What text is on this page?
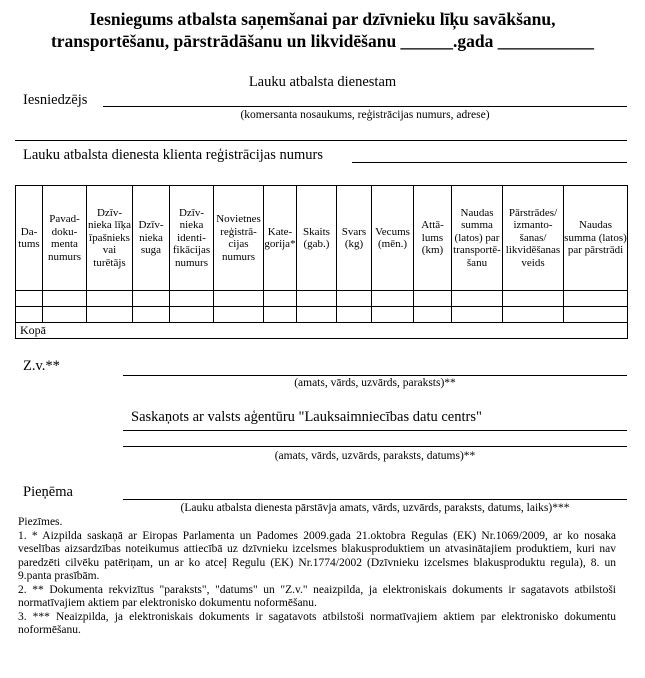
Iesniegums atbalsta saņemšanai par dzīvnieku līķu savākšanu,
transportēšanu, pārstrādāšanu un likvidēšanu ______.gada ___________
Lauku atbalsta dienestam
Iesniedzējs
(komersanta nosaukums, reģistrācijas numurs, adrese)
Lauku atbalsta dienesta klienta reģistrācijas numurs
Datums	Pavaddokumenta numurs	Dzīvnieka līķa īpašnieks vai turētājs	Dzīvnieka suga	Dzīvnieka identifikācijas numurs	Novietnes reģistrācijas numurs	Kategorija*	Skaits (gab.)	Svars (kg)	Vecums (mēn.)	Attālums (km)	Naudas summa (latos) par transportēšanu	Pārstrādes/ izmantošanas/ likvidēšanas veids	Naudas summa (latos) par pārstrādi

Kopā													
Z.v.**
(amats, vārds, uzvārds, paraksts)**
Saskaņots ar valsts aģentūru "Lauksaimniecības datu centrs"
(amats, vārds, uzvārds, paraksts, datums)**
Pieņēma
(Lauku atbalsta dienesta pārstāvja amats, vārds, uzvārds, paraksts, datums, laiks)***

Piezīmes.

1. * Aizpilda saskaņā ar Eiropas Parlamenta un Padomes 2009.gada 21.oktobra Regulas (EK) Nr.1069/2009, ar ko nosaka veselības aizsardzības noteikumus attiecībā uz dzīvnieku izcelsmes blakusproduktiem un atvasinātajiem produktiem, kuri nav paredzēti cilvēku patēriņam, un ar ko atceļ Regulu (EK) Nr.1774/2002 (Dzīvnieku izcelsmes blakusproduktu regula), 8. un 9.panta prasībām.

2. ** Dokumenta rekvizītus "paraksts", "datums" un "Z.v." neaizpilda, ja elektroniskais dokuments ir sagatavots atbilstoši normatīvajiem aktiem par elektronisko dokumentu noformēšanu.

3. *** Neaizpilda, ja elektroniskais dokuments ir sagatavots atbilstoši normatīvajiem aktiem par elektronisko dokumentu noformēšanu.
